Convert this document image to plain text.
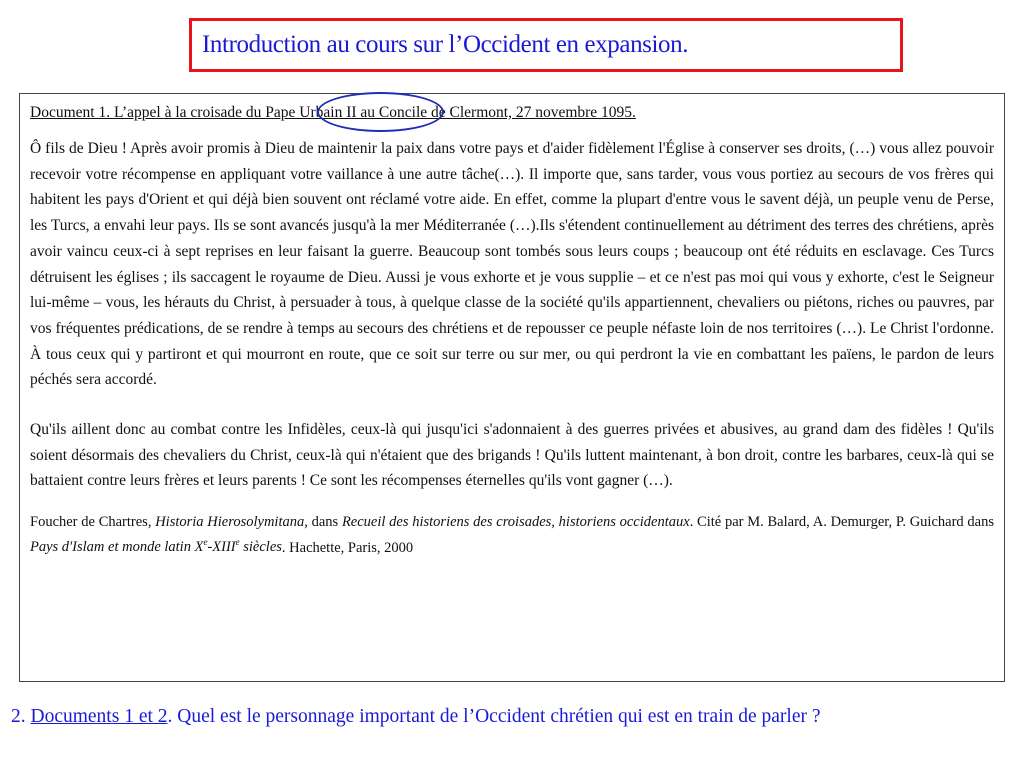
Introduction au cours sur l’Occident en expansion.
Document 1. L’appel à la croisade du Pape Urbain II au Concile de Clermont, 27 novembre 1095.

Ô fils de Dieu ! Après avoir promis à Dieu de maintenir la paix dans votre pays et d'aider fidèlement l'Église à conserver ses droits, (…) vous allez pouvoir recevoir votre récompense en appliquant votre vaillance à une autre tâche(…). Il importe que, sans tarder, vous vous portiez au secours de vos frères qui habitent les pays d'Orient et qui déjà bien souvent ont réclamé votre aide. En effet, comme la plupart d'entre vous le savent déjà, un peuple venu de Perse, les Turcs, a envahi leur pays. Ils se sont avancés jusqu'à la mer Méditerranée (…).Ils s'étendent continuellement au détriment des terres des chrétiens, après avoir vaincu ceux-ci à sept reprises en leur faisant la guerre. Beaucoup sont tombés sous leurs coups ; beaucoup ont été réduits en esclavage. Ces Turcs détruisent les églises ; ils saccagent le royaume de Dieu. Aussi je vous exhorte et je vous supplie – et ce n'est pas moi qui vous y exhorte, c'est le Seigneur lui-même – vous, les hérauts du Christ, à persuader à tous, à quelque classe de la société qu'ils appartiennent, chevaliers ou piétons, riches ou pauvres, par vos fréquentes prédications, de se rendre à temps au secours des chrétiens et de repousser ce peuple néfaste loin de nos territoires (…). Le Christ l'ordonne. À tous ceux qui y partiront et qui mourront en route, que ce soit sur terre ou sur mer, ou qui perdront la vie en combattant les païens, le pardon de leurs péchés sera accordé.

Qu'ils aillent donc au combat contre les Infidèles, ceux-là qui jusqu'ici s'adonnaient à des guerres privées et abusives, au grand dam des fidèles ! Qu'ils soient désormais des chevaliers du Christ, ceux-là qui n'étaient que des brigands ! Qu'ils luttent maintenant, à bon droit, contre les barbares, ceux-là qui se battaient contre leurs frères et leurs parents ! Ce sont les récompenses éternelles qu'ils vont gagner (…).

Foucher de Chartres, Historia Hierosolymitana, dans Recueil des historiens des croisades, historiens occidentaux. Cité par M. Balard, A. Demurger, P. Guichard dans Pays d'Islam et monde latin Xe-XIIIe siècles. Hachette, Paris, 2000
2. Documents 1 et 2. Quel est le personnage important de l’Occident chrétien qui est en train de parler ?
